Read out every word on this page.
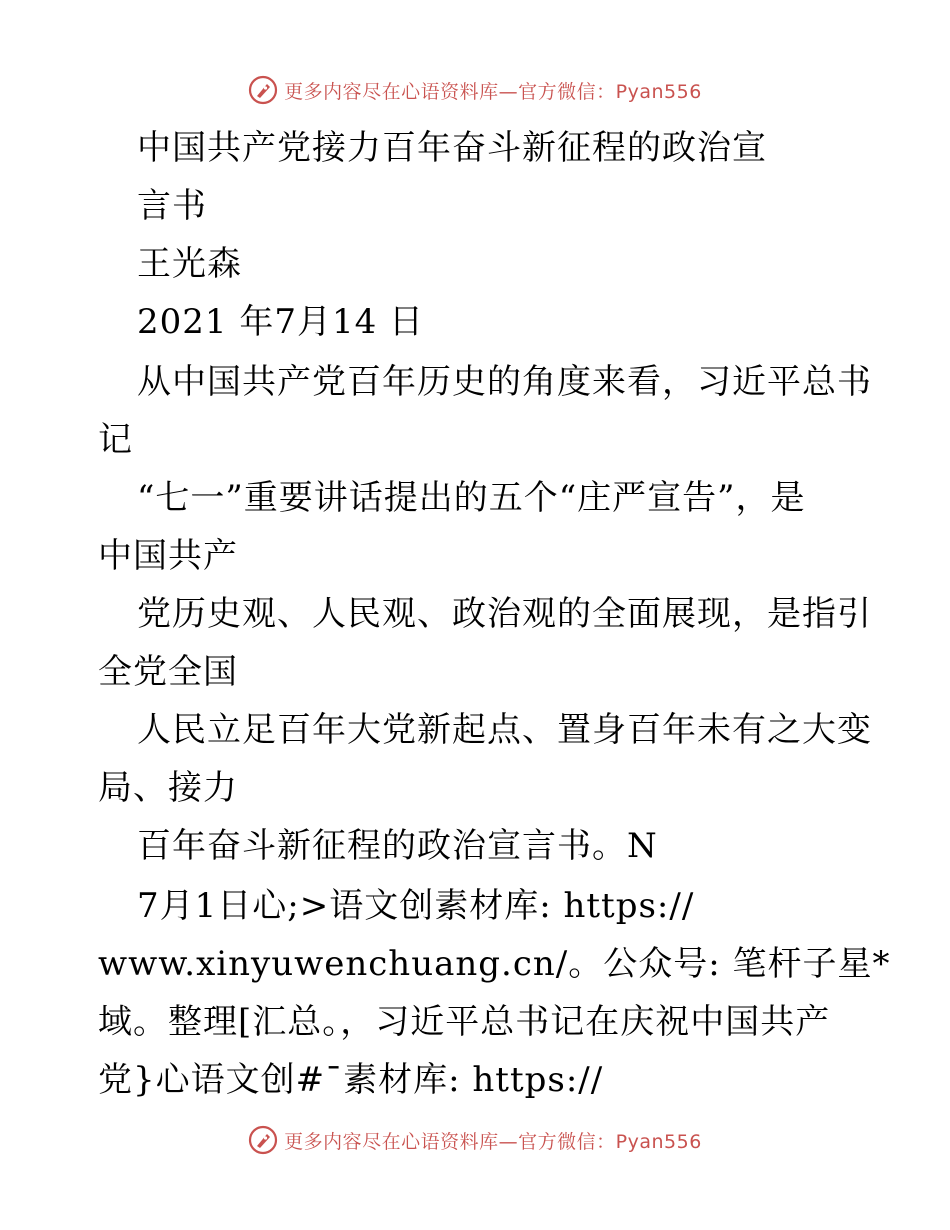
更多内容尽在心语资料库—官方微信：Pyan556
中国共产党接力百年奋斗新征程的政治宣
言书
王光森
2021 年7月14 日
从中国共产党百年历史的角度来看，习近平总书
记
“七一”重要讲话提出的五个“庄严宣告”，是
中国共产
党历史观、人民观、政治观的全面展现，是指引
全党全国
人民立足百年大党新起点、置身百年未有之大变
局、接力
百年奋斗新征程的政治宣言书。N
7月1日心;>语文创素材库: https://
www.xinyuwenchuang.cn/。公众号: 笔杆子星*
域。整理[汇总。，习近平总书记在庆祝中国共产
党}心语文创#¯素材库: https://
更多内容尽在心语资料库—官方微信：Pyan556
